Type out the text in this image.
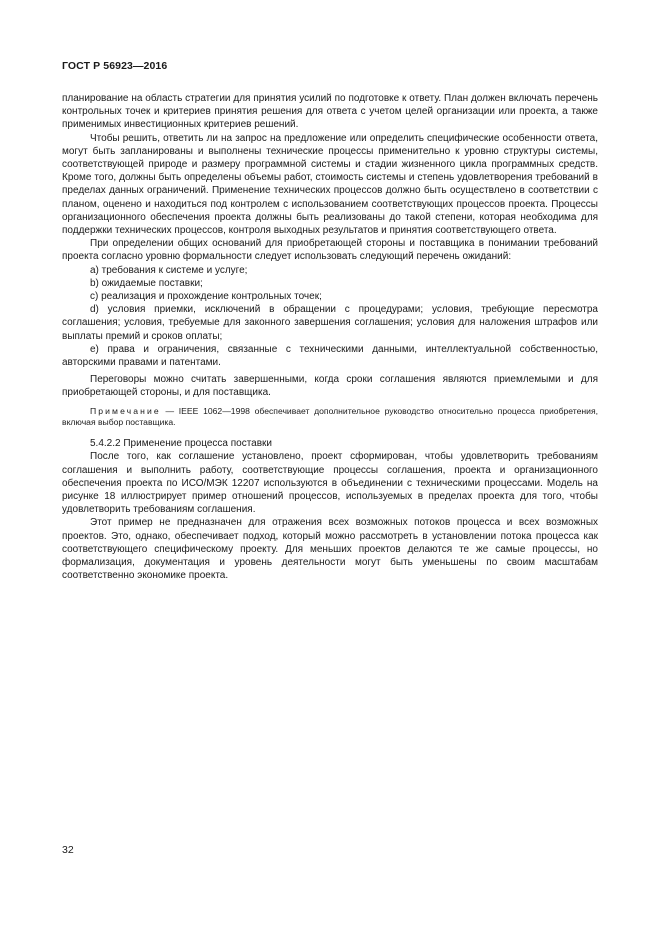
ГОСТ Р 56923—2016

планирование на область стратегии для принятия усилий по подготовке к ответу. План должен включать перечень контрольных точек и критериев принятия решения для ответа с учетом целей организации или проекта, а также применимых инвестиционных критериев решений.

Чтобы решить, ответить ли на запрос на предложение или определить специфические особенности ответа, могут быть запланированы и выполнены технические процессы применительно к уровню структуры системы, соответствующей природе и размеру программной системы и стадии жизненного цикла программных средств. Кроме того, должны быть определены объемы работ, стоимость системы и степень удовлетворения требований в пределах данных ограничений. Применение технических процессов должно быть осуществлено в соответствии с планом, оценено и находиться под контролем с использованием соответствующих процессов проекта. Процессы организационного обеспечения проекта должны быть реализованы до такой степени, которая необходима для поддержки технических процессов, контроля выходных результатов и принятия соответствующего ответа.

При определении общих оснований для приобретающей стороны и поставщика в понимании требований проекта согласно уровню формальности следует использовать следующий перечень ожиданий:

a) требования к системе и услуге;

b) ожидаемые поставки;

c) реализация и прохождение контрольных точек;

d) условия приемки, исключений в обращении с процедурами; условия, требующие пересмотра соглашения; условия, требуемые для законного завершения соглашения; условия для наложения штрафов или выплаты премий и сроков оплаты;

e) права и ограничения, связанные с техническими данными, интеллектуальной собственностью, авторскими правами и патентами.

Переговоры можно считать завершенными, когда сроки соглашения являются приемлемыми и для приобретающей стороны, и для поставщика.

Примечание — IEEE 1062—1998 обеспечивает дополнительное руководство относительно процесса приобретения, включая выбор поставщика.

5.4.2.2 Применение процесса поставки

После того, как соглашение установлено, проект сформирован, чтобы удовлетворить требованиям соглашения и выполнить работу, соответствующие процессы соглашения, проекта и организационного обеспечения проекта по ИСО/МЭК 12207 используются в объединении с техническими процессами. Модель на рисунке 18 иллюстрирует пример отношений процессов, используемых в пределах проекта для того, чтобы удовлетворить требованиям соглашения.

Этот пример не предназначен для отражения всех возможных потоков процесса и всех возможных проектов. Это, однако, обеспечивает подход, который можно рассмотреть в установлении потока процесса как соответствующего специфическому проекту. Для меньших проектов делаются те же самые процессы, но формализация, документация и уровень деятельности могут быть уменьшены по своим масштабам соответственно экономике проекта.

32
